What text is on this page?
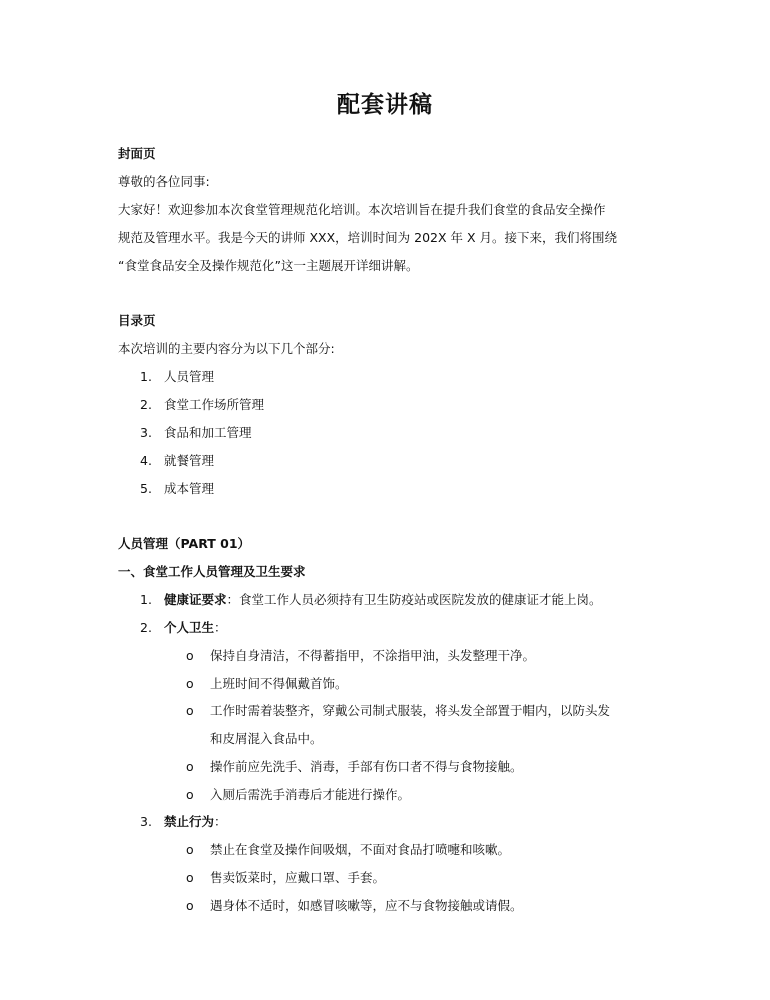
配套讲稿
封面页
尊敬的各位同事:
大家好！欢迎参加本次食堂管理规范化培训。本次培训旨在提升我们食堂的食品安全操作
规范及管理水平。我是今天的讲师 XXX，培训时间为 202X 年 X 月。接下来，我们将围绕
“食堂食品安全及操作规范化”这一主题展开详细讲解。
目录页
本次培训的主要内容分为以下几个部分:
1. 人员管理
2. 食堂工作场所管理
3. 食品和加工管理
4. 就餐管理
5. 成本管理
人员管理（PART 01）
一、食堂工作人员管理及卫生要求
1. 健康证要求：食堂工作人员必须持有卫生防疫站或医院发放的健康证才能上岗。
2. 个人卫生：
o 保持自身清洁，不得蓄指甲，不涂指甲油，头发整理干净。
o 上班时间不得佩戴首饰。
o 工作时需着装整齐，穿戴公司制式服装，将头发全部置于帽内，以防头发
和皮屑混入食品中。
o 操作前应先洗手、消毒，手部有伤口者不得与食物接触。
o 入厕后需洗手消毒后才能进行操作。
3. 禁止行为：
o 禁止在食堂及操作间吸烟，不面对食品打喷嚏和咳嗽。
o 售卖饭菜时，应戴口罩、手套。
o 遇身体不适时，如感冒咳嗽等，应不与食物接触或请假。
